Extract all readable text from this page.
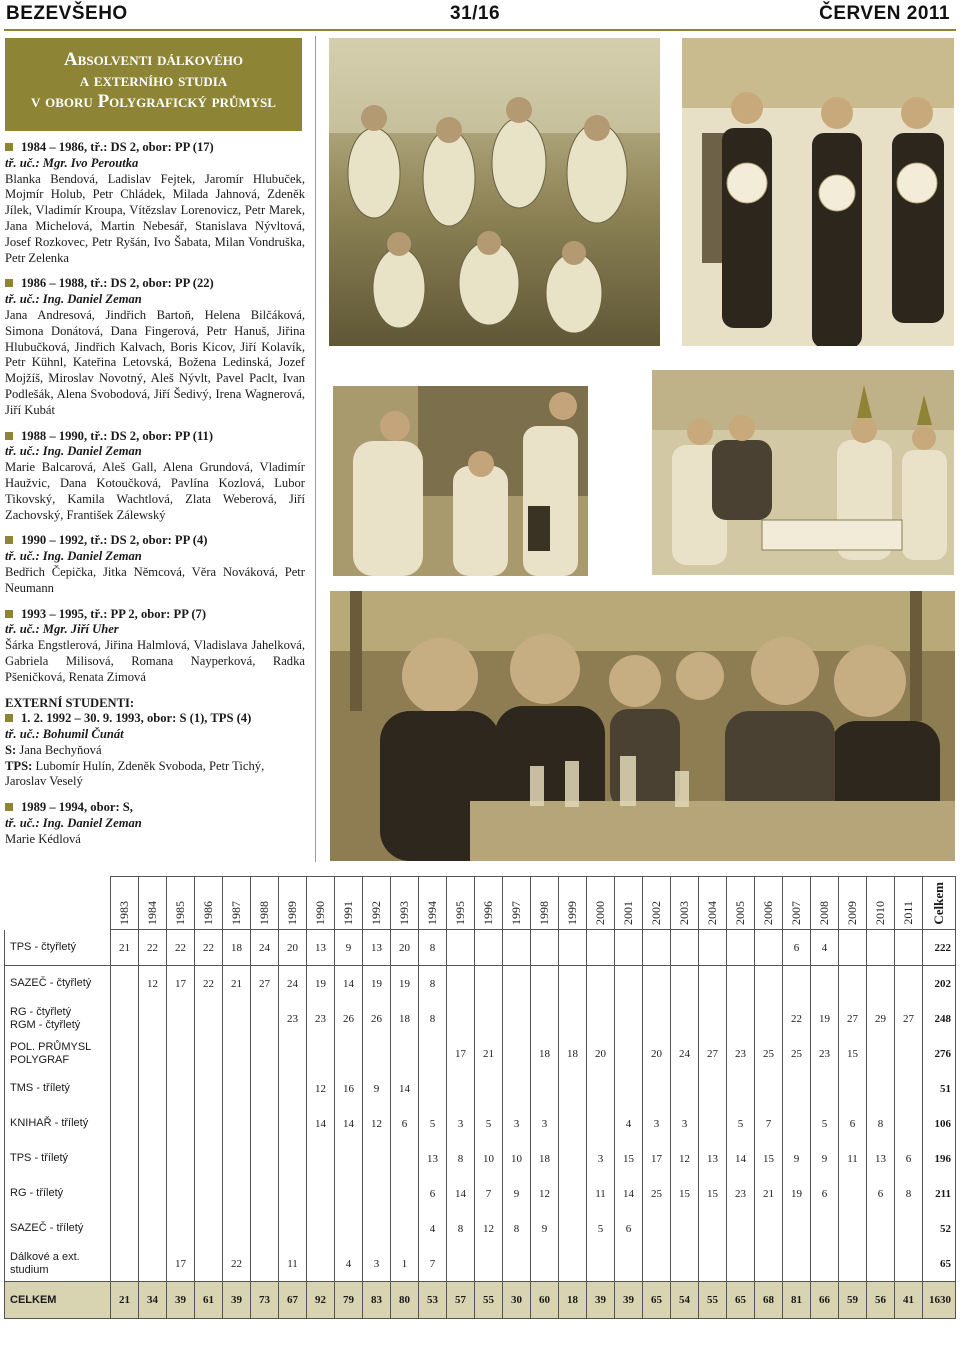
BEZEVŠEHO	31/16	ČERVEN 2011
Absolventi dálkového
a externího studia
v oboru Polygrafický průmysl
1984 – 1986, tř.: DS 2, obor: PP (17)
tř. uč.: Mgr. Ivo Peroutka
Blanka Bendová, Ladislav Fejtek, Jaromír Hlubuček, Mojmír Holub, Petr Chládek, Milada Jahnová, Zdeněk Jílek, Vladimír Kroupa, Vítězslav Lorenovicz, Petr Marek, Jana Michelová, Martin Nebesář, Stanislava Nývltová, Josef Rozkovec, Petr Ryšán, Ivo Šabata, Milan Vondruška, Petr Zelenka
1986 – 1988, tř.: DS 2, obor: PP (22)
tř. uč.: Ing. Daniel Zeman
Jana Andresová, Jindřich Bartoň, Helena Bilčáková, Simona Donátová, Dana Fingerová, Petr Hanuš, Jiřina Hlubučková, Jindřich Kalvach, Boris Kicov, Jiří Kolavík, Petr Kühnl, Kateřina Letovská, Božena Ledinská, Jozef Mojžíš, Miroslav Novotný, Aleš Nývlt, Pavel Paclt, Ivan Podlešák, Alena Svobodová, Jiří Šedivý, Irena Wagnerová, Jiří Kubát
1988 – 1990, tř.: DS 2, obor: PP (11)
tř. uč.: Ing. Daniel Zeman
Marie Balcarová, Aleš Gall, Alena Grundová, Vladimír Haužvic, Dana Kotoučková, Pavlína Kozlová, Lubor Tikovský, Kamila Wachtlová, Zlata Weberová, Jiří Zachovský, František Zálewský
1990 – 1992, tř.: DS 2, obor: PP (4)
tř. uč.: Ing. Daniel Zeman
Bedřich Čepička, Jitka Němcová, Věra Nováková, Petr Neumann
1993 – 1995, tř.: PP 2, obor: PP (7)
tř. uč.: Mgr. Jiří Uher
Šárka Engstlerová, Jiřina Halmlová, Vladislava Jahelková, Gabriela Milisová, Romana Nayperková, Radka Pšeničková, Renata Zimová
EXTERNÍ STUDENTI:
1. 2. 1992 – 30. 9. 1993, obor: S (1), TPS (4)
tř. uč.: Bohumil Čunát
S: Jana Bechyňová
TPS: Lubomír Hulín, Zdeněk Svoboda, Petr Tichý, Jaroslav Veselý
1989 – 1994, obor: S,
tř. uč.: Ing. Daniel Zeman
Marie Kédlová

	1983	1984	1985	1986	1987	1988	1989	1990	1991	1992	1993	1994	1995	1996	1997	1998	1999	2000	2001	2002	2003	2004	2005	2006	2007	2008	2009	2010	2011	Celkem

TPS - čtyřletý	21	22	22	22	18	24	20	13	9	13	20	8													6	4				222
SAZEČ - čtyřletý		12	17	22	21	27	24	19	14	19	19	8																		202
RG - čtyřletý
RGM - čtyřletý							23	23	26	26	18	8													22	19	27	29	27	248
POL. PRŮMYSL
POLYGRAF													17	21		18	18	20		20	24	27	23	25	25	23	15			276
TMS - tříletý								12	16	9	14																			51
KNIHAŘ - tříletý								14	14	12	6	5	3	5	3	3			4	3	3		5	7		5	6	8		106
TPS - tříletý												13	8	10	10	18		3	15	17	12	13	14	15	9	9	11	13	6	196
RG - tříletý												6	14	7	9	12		11	14	25	15	15	23	21	19	6		6	8	211
SAZEČ - tříletý												4	8	12	8	9		5	6											52
Dálkové a ext.
studium			17		22		11		4	3	1	7																		65
CELKEM	21	34	39	61	39	73	67	92	79	83	80	53	57	55	30	60	18	39	39	65	54	55	65	68	81	66	59	56	41	1630
